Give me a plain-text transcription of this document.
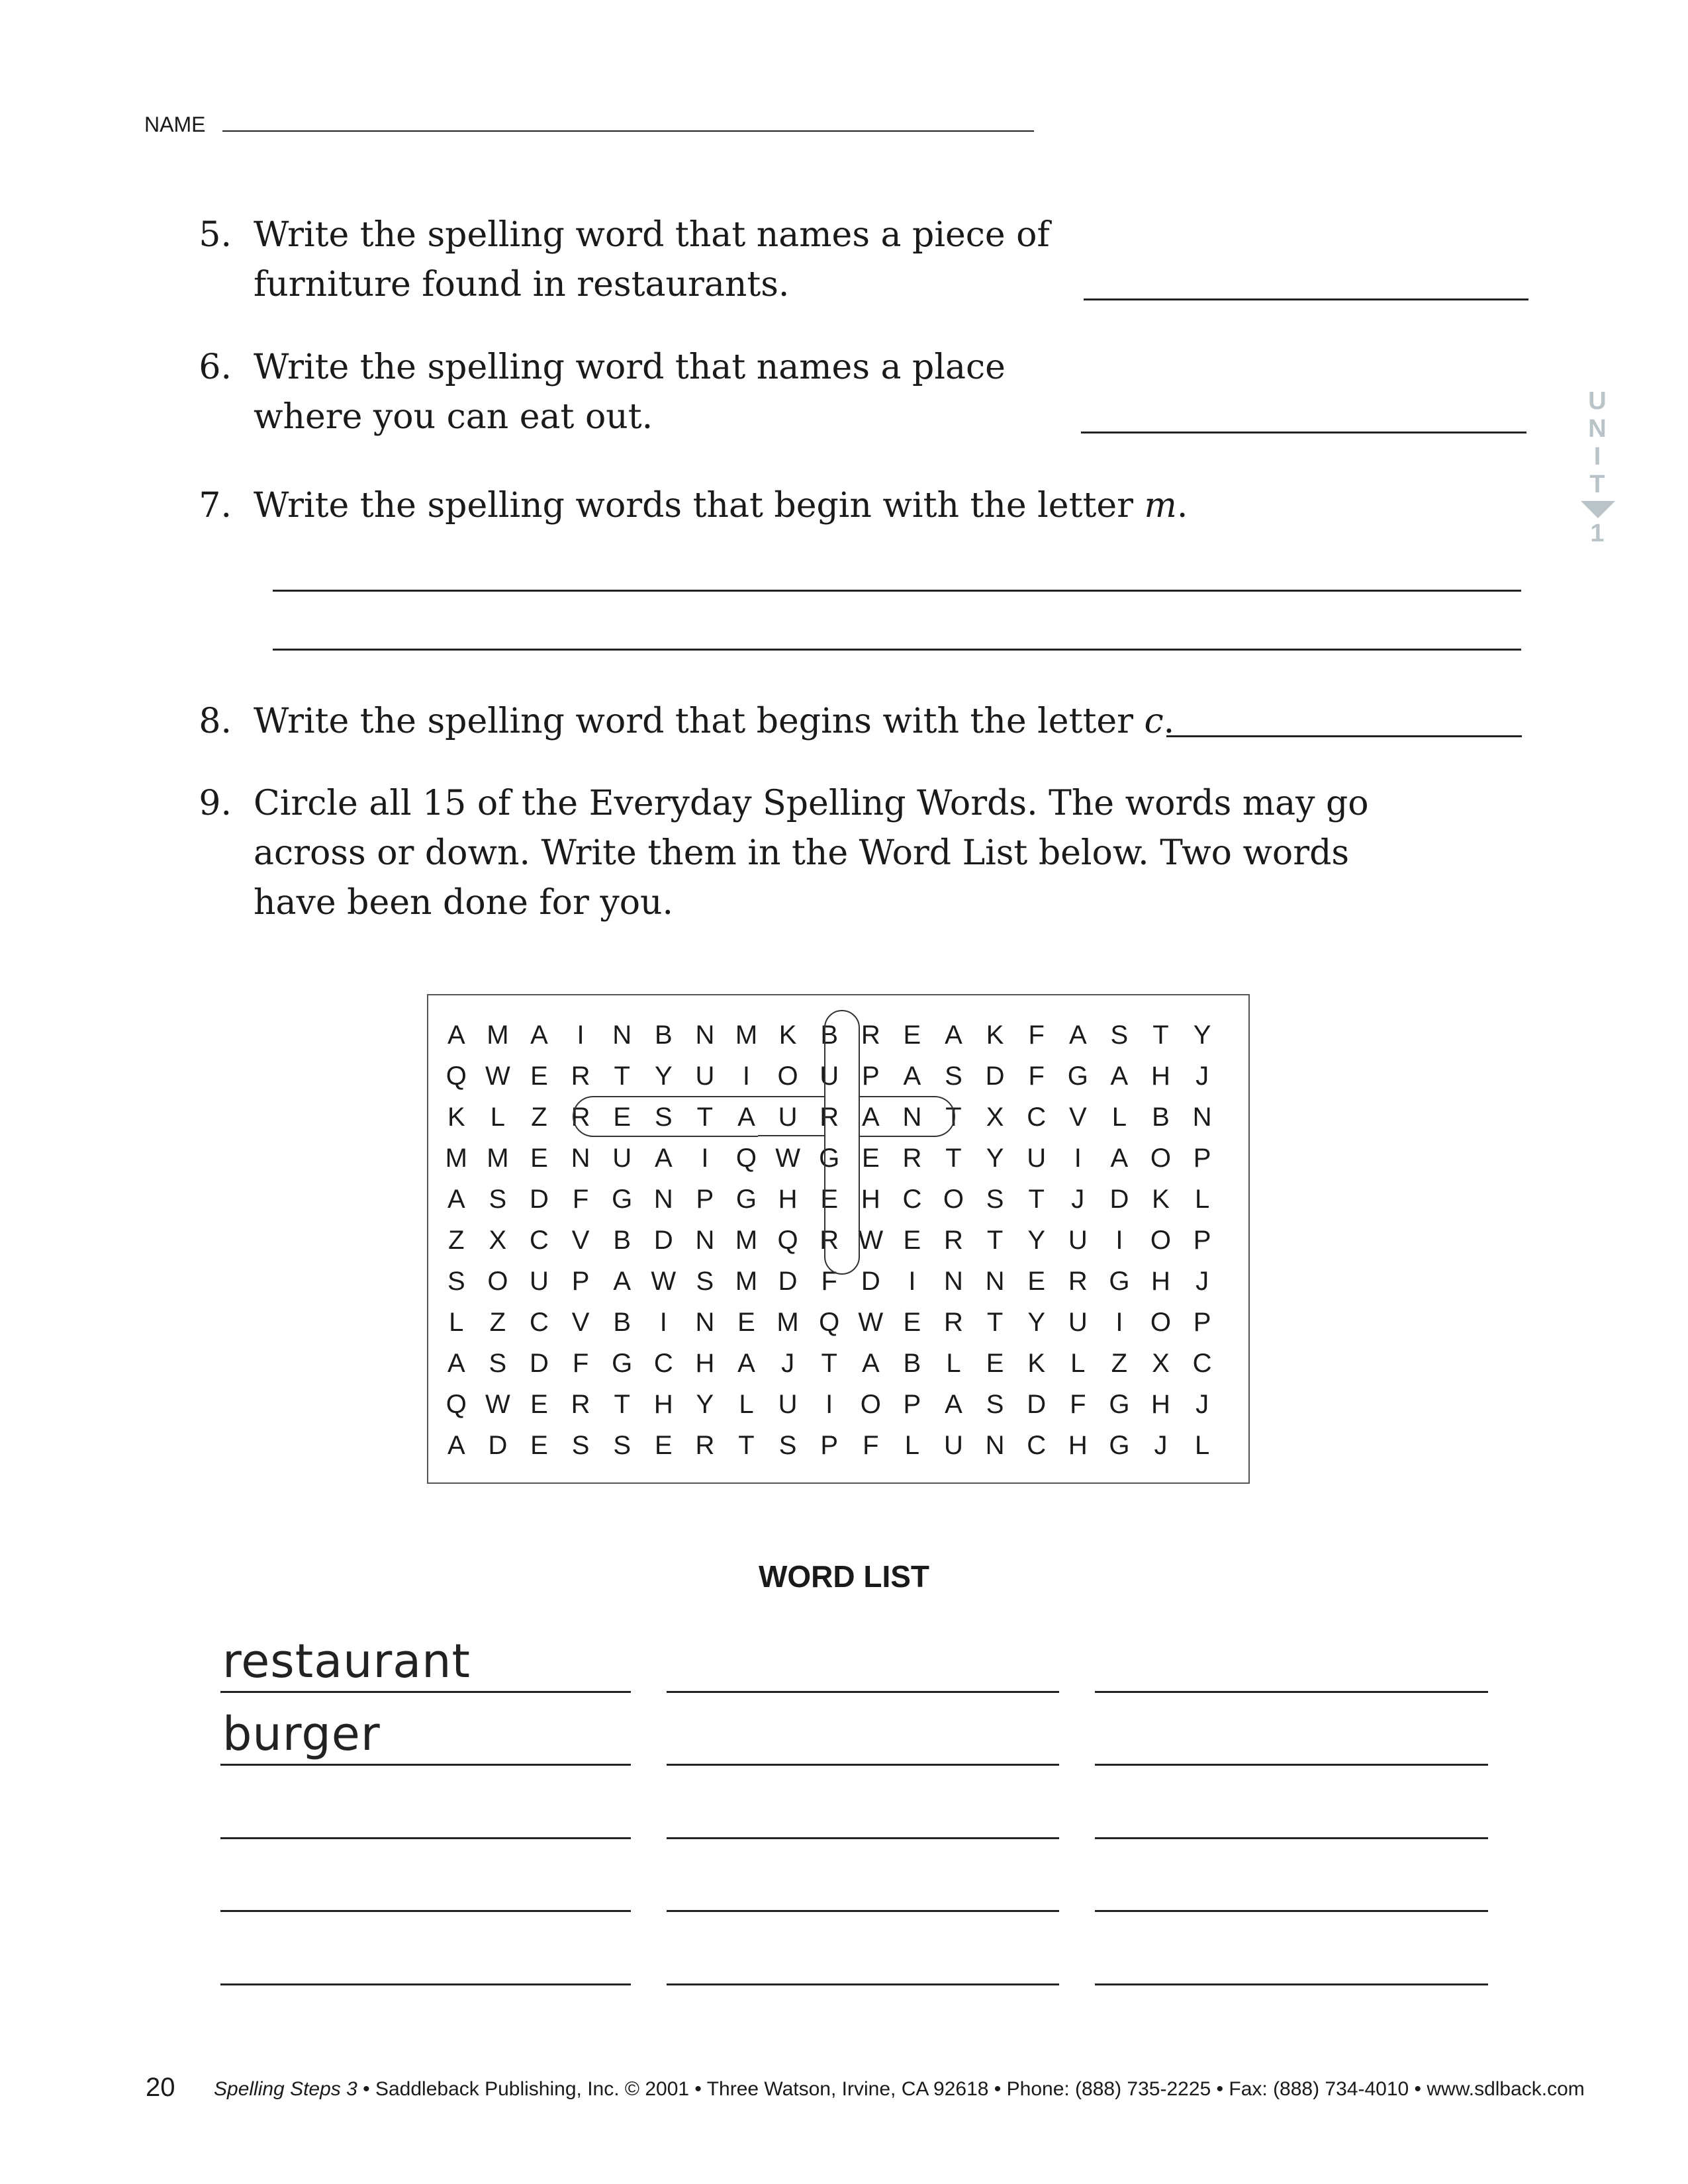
NAME
5. Write the spelling word that names a piece of
furniture found in restaurants.
6. Write the spelling word that names a place
where you can eat out.	U
N
I
T
1
7. Write the spelling words that begin with the letter m.
8. Write the spelling word that begins with the letter c.
9. Circle all 15 of the Everyday Spelling Words. The words may go
across or down. Write them in the Word List below. Two words
have been done for you.
A M A	I	N B N M K B R E A K F A S T Y
Q W E R T Y U	I	O U P A S D F G A H J
K L Z R E S T A U R A N T X C V L B N
M M E N U A	I	Q W G E R T Y U	I	A O P
A S D F G N P G H E H C O S T	J D K L
Z X C V B D N M Q R W E R T Y U	I	O P
S O U P A W S M D F D	I	N N E R G H J
L Z C V B	I	N E M Q W E R T Y U	I	O P
A S D F G C H A J	T A B L E K L Z X C
Q W E R T H Y L U	I	O P A S D F G H J
A D E S S E R T S P F L U N C H G J	L
WORD LIST
restaurant
burger
20 Spelling Steps 3 • Saddleback Publishing, Inc. © 2001 • Three Watson, Irvine, CA 92618 • Phone: (888) 735-2225 • Fax: (888) 734-4010 • www.sdlback.com
